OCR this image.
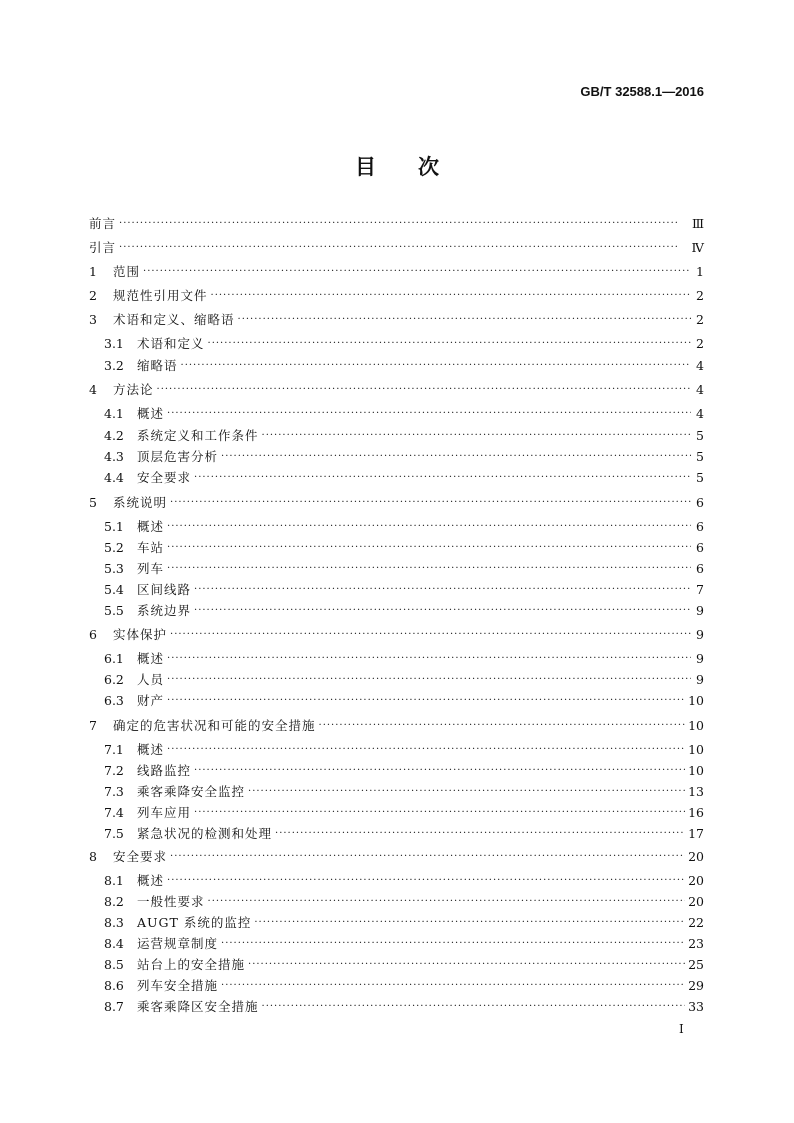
GB/T 32588.1—2016
目次
前言 ·····	Ⅲ
引言 ·····	Ⅳ
1	范围 ·····	1
2	规范性引用文件 ·····	2
3	术语和定义、缩略语 ·····	2
3.1	术语和定义 ·····	2
3.2	缩略语 ·····	4
4	方法论 ·····	4
4.1	概述 ·····	4
4.2	系统定义和工作条件 ·····	5
4.3	顶层危害分析 ·····	5
4.4	安全要求 ·····	5
5	系统说明 ·····	6
5.1	概述 ·····	6
5.2	车站 ·····	6
5.3	列车 ·····	6
5.4	区间线路 ·····	7
5.5	系统边界 ·····	9
6	实体保护 ·····	9
6.1	概述 ·····	9
6.2	人员 ·····	9
6.3	财产 ·····	10
7	确定的危害状况和可能的安全措施 ·····	10
7.1	概述 ·····	10
7.2	线路监控 ·····	10
7.3	乘客乘降安全监控 ·····	13
7.4	列车应用 ·····	16
7.5	紧急状况的检测和处理 ·····	17
8	安全要求 ·····	20
8.1	概述 ·····	20
8.2	一般性要求 ·····	20
8.3	AUGT 系统的监控 ·····	22
8.4	运营规章制度 ·····	23
8.5	站台上的安全措施 ·····	25
8.6	列车安全措施 ·····	29
8.7	乘客乘降区安全措施 ·····	33
Ⅰ
